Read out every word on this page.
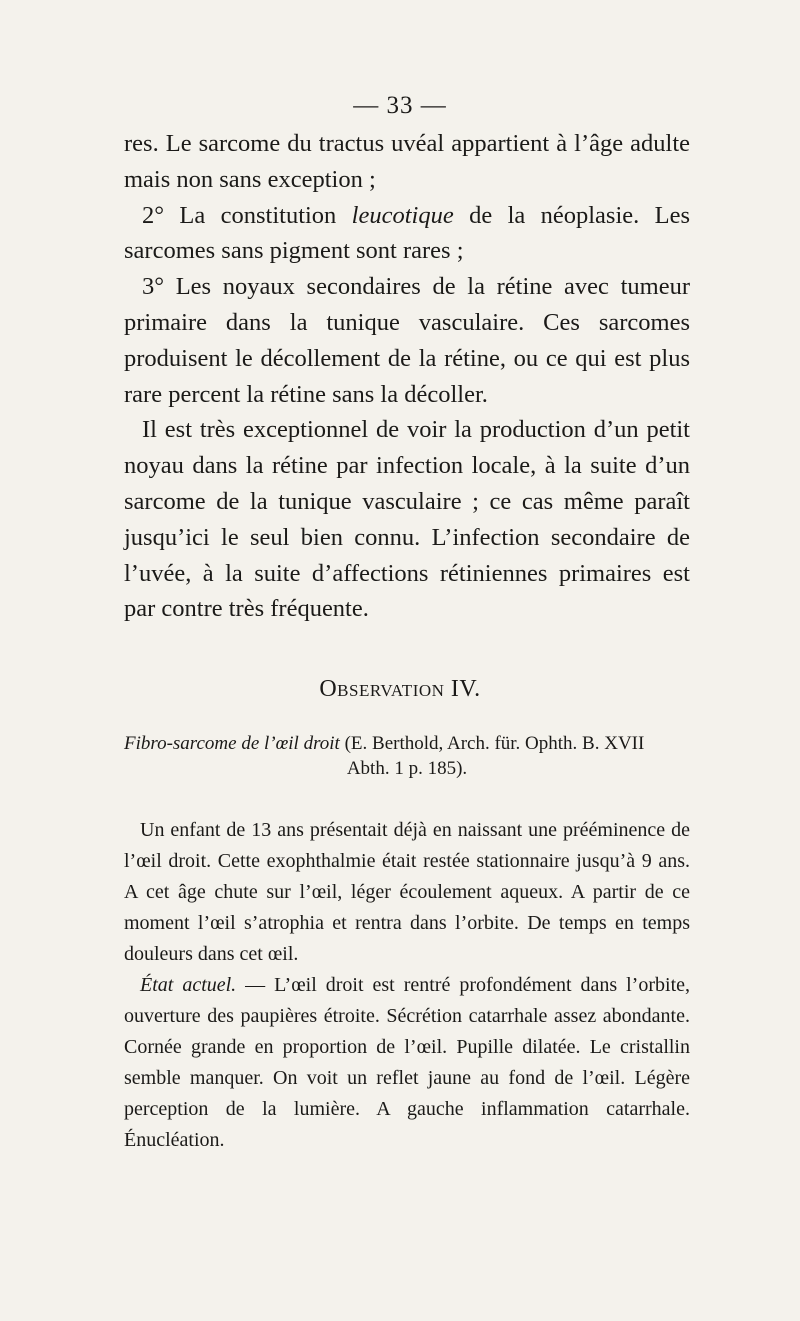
— 33 —

res. Le sarcome du tractus uvéal appartient à l’âge adulte mais non sans exception ;

2° La constitution leucotique de la néoplasie. Les sarcomes sans pigment sont rares ;

3° Les noyaux secondaires de la rétine avec tumeur primaire dans la tunique vasculaire. Ces sarcomes produisent le décollement de la rétine, ou ce qui est plus rare percent la rétine sans la décoller.

Il est très exceptionnel de voir la production d’un petit noyau dans la rétine par infection locale, à la suite d’un sarcome de la tunique vasculaire ; ce cas même paraît jusqu’ici le seul bien connu. L’infection secondaire de l’uvée, à la suite d’affections rétiniennes primaires est par contre très fréquente.

Observation IV.
Fibro-sarcome de l’œil droit (E. Berthold, Arch. für. Ophth. B. XVII
Abth. 1 p. 185).

Un enfant de 13 ans présentait déjà en naissant une prééminence de l’œil droit. Cette exophthalmie était restée stationnaire jusqu’à 9 ans. A cet âge chute sur l’œil, léger écoulement aqueux. A partir de ce moment l’œil s’atrophia et rentra dans l’orbite. De temps en temps douleurs dans cet œil.

État actuel. — L’œil droit est rentré profondément dans l’orbite, ouverture des paupières étroite. Sécrétion catarrhale assez abondante. Cornée grande en proportion de l’œil. Pupille dilatée. Le cristallin semble manquer. On voit un reflet jaune au fond de l’œil. Légère perception de la lumière. A gauche inflammation catarrhale. Énucléation.
